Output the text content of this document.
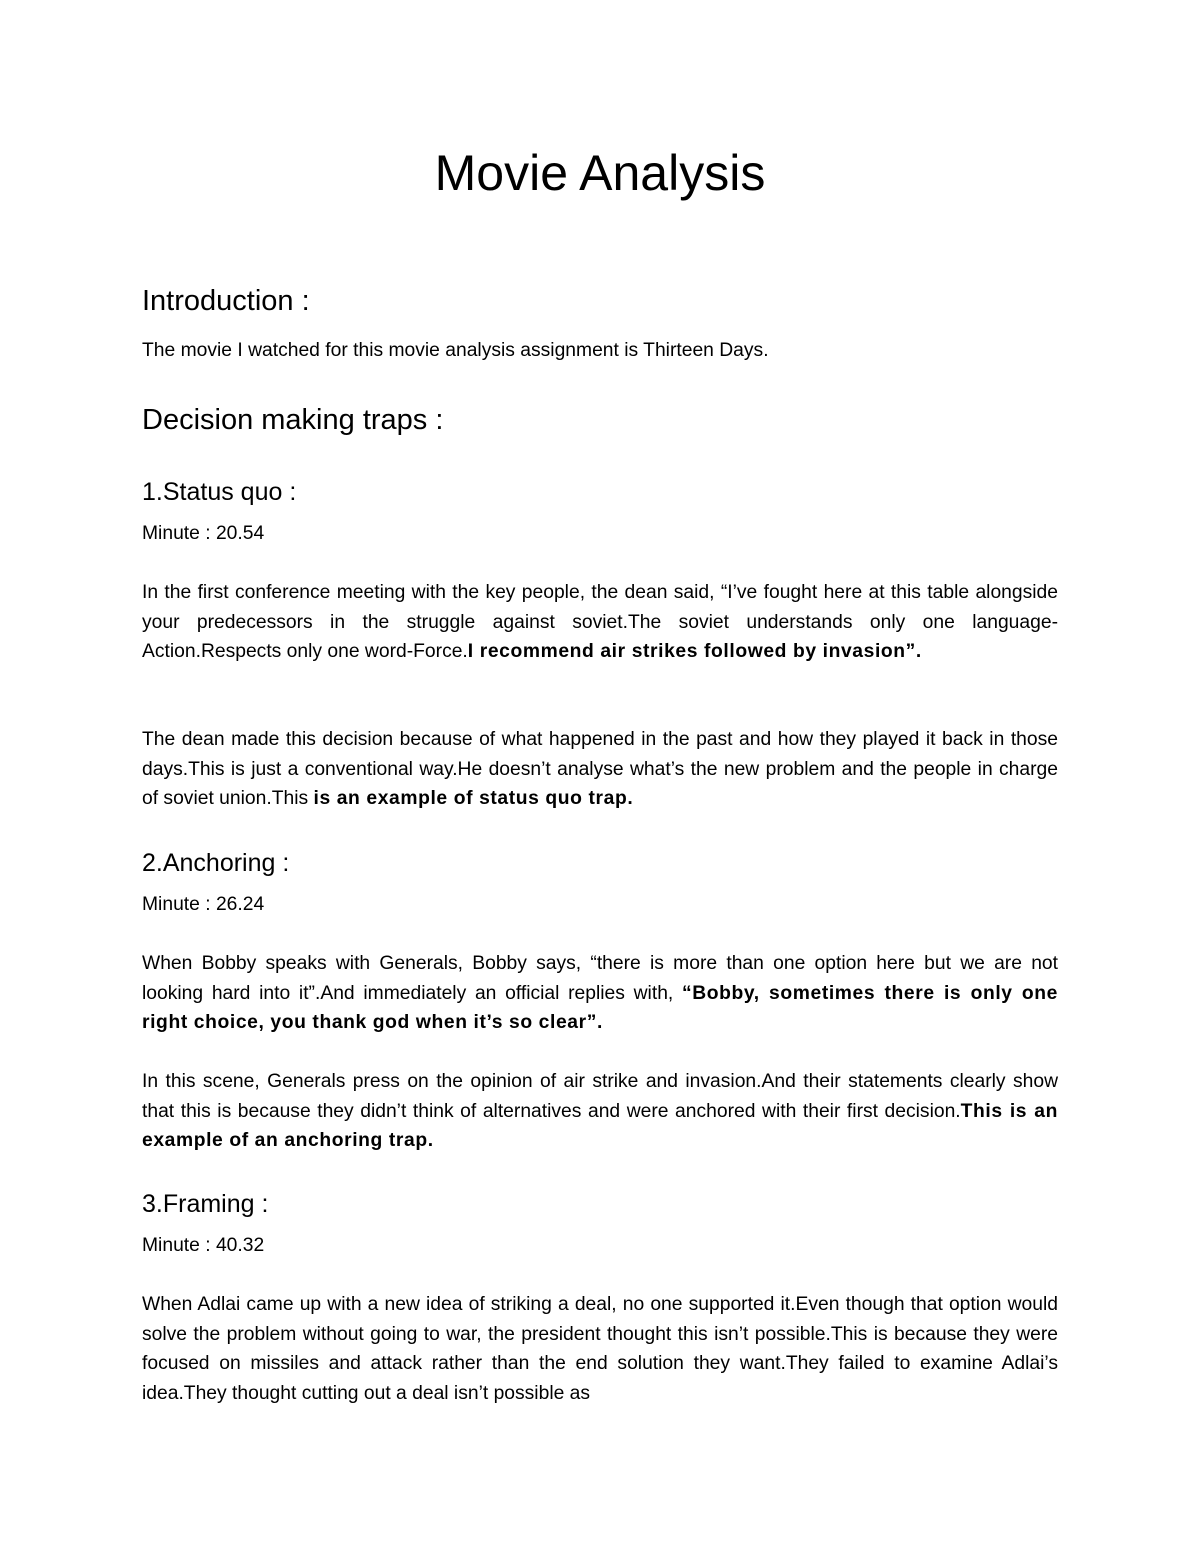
Movie Analysis
Introduction :

The movie I watched for this movie analysis assignment is Thirteen Days.

Decision making traps :
1.Status quo :

Minute : 20.54

In the first conference meeting with the key people, the dean said, “I’ve fought here at this table alongside your predecessors in the struggle against soviet.The soviet understands only one language-Action.Respects only one word-Force.I recommend air strikes followed by invasion”.

The dean made this decision because of what happened in the past and how they played it back in those days.This is just a conventional way.He doesn’t analyse what’s the new problem and the people in charge of soviet union.This is an example of status quo trap.

2.Anchoring :

Minute : 26.24

When Bobby speaks with Generals, Bobby says, “there is more than one option here but we are not looking hard into it”.And immediately an official replies with, “Bobby, sometimes there is only one right choice, you thank god when it’s so clear”.

In this scene, Generals press on the opinion of air strike and invasion.And their statements clearly show that this is because they didn’t think of alternatives and were anchored with their first decision.This is an example of an anchoring trap.

3.Framing :

Minute : 40.32

When Adlai came up with a new idea of striking a deal, no one supported it.Even though that option would solve the problem without going to war, the president thought this isn’t possible.This is because they were focused on missiles and attack rather than the end solution they want.They failed to examine Adlai’s idea.They thought cutting out a deal isn’t possible as
